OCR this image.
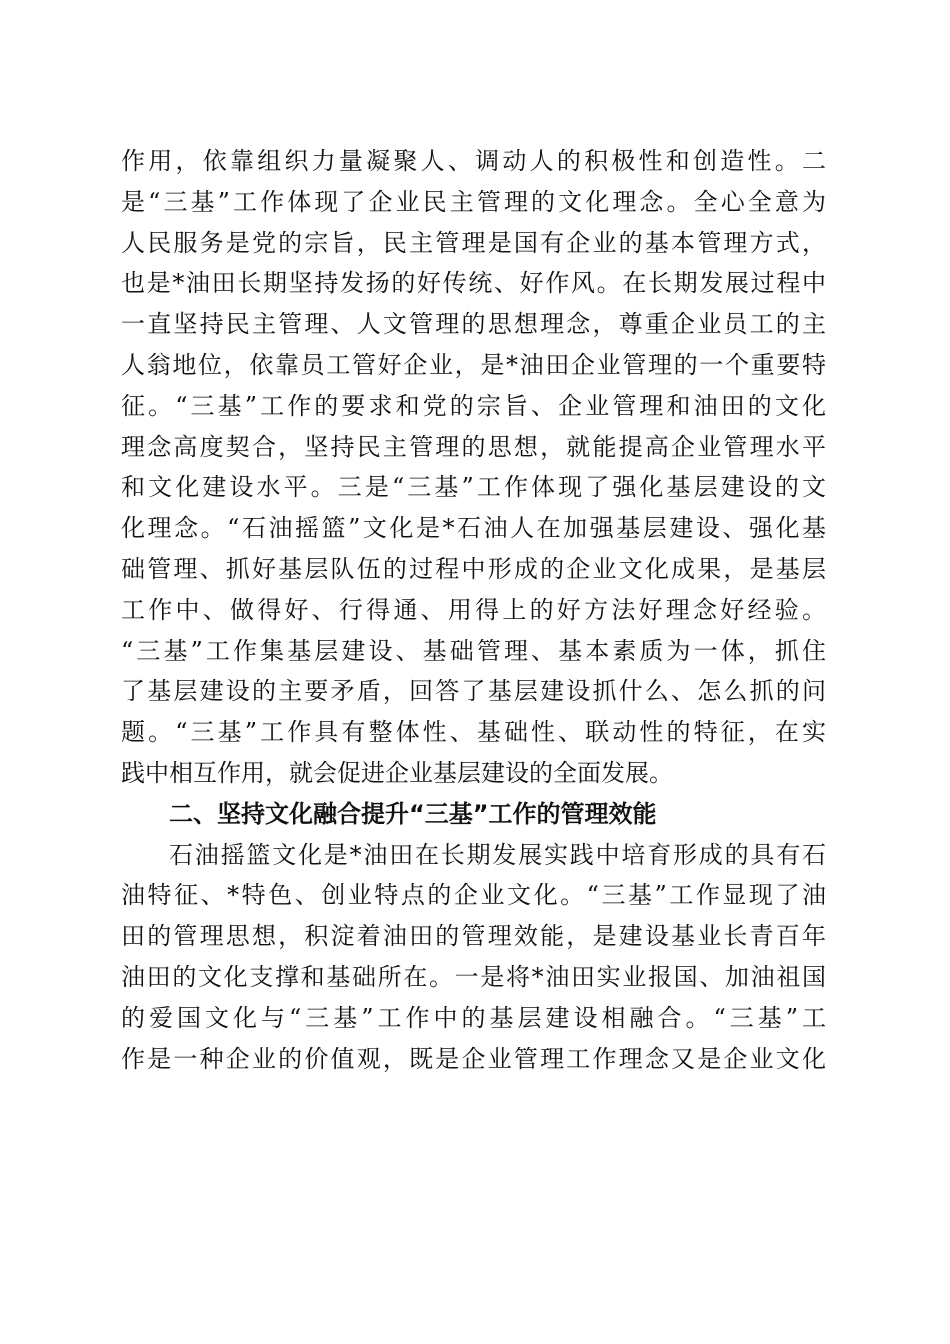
作用，依靠组织力量凝聚人、调动人的积极性和创造性。二
是“三基”工作体现了企业民主管理的文化理念。全心全意为
人民服务是党的宗旨，民主管理是国有企业的基本管理方式，
也是*油田长期坚持发扬的好传统、好作风。在长期发展过程中
一直坚持民主管理、人文管理的思想理念，尊重企业员工的主
人翁地位，依靠员工管好企业，是*油田企业管理的一个重要特
征。“三基”工作的要求和党的宗旨、企业管理和油田的文化
理念高度契合，坚持民主管理的思想，就能提高企业管理水平
和文化建设水平。三是“三基”工作体现了强化基层建设的文
化理念。“石油摇篮”文化是*石油人在加强基层建设、强化基
础管理、抓好基层队伍的过程中形成的企业文化成果，是基层
工作中、做得好、行得通、用得上的好方法好理念好经验。
“三基”工作集基层建设、基础管理、基本素质为一体，抓住
了基层建设的主要矛盾，回答了基层建设抓什么、怎么抓的问
题。“三基”工作具有整体性、基础性、联动性的特征，在实
践中相互作用，就会促进企业基层建设的全面发展。
二、坚持文化融合提升“三基”工作的管理效能
石油摇篮文化是*油田在长期发展实践中培育形成的具有石
油特征、*特色、创业特点的企业文化。“三基”工作显现了油
田的管理思想，积淀着油田的管理效能，是建设基业长青百年
油田的文化支撑和基础所在。一是将*油田实业报国、加油祖国
的爱国文化与“三基”工作中的基层建设相融合。“三基”工
作是一种企业的价值观，既是企业管理工作理念又是企业文化
